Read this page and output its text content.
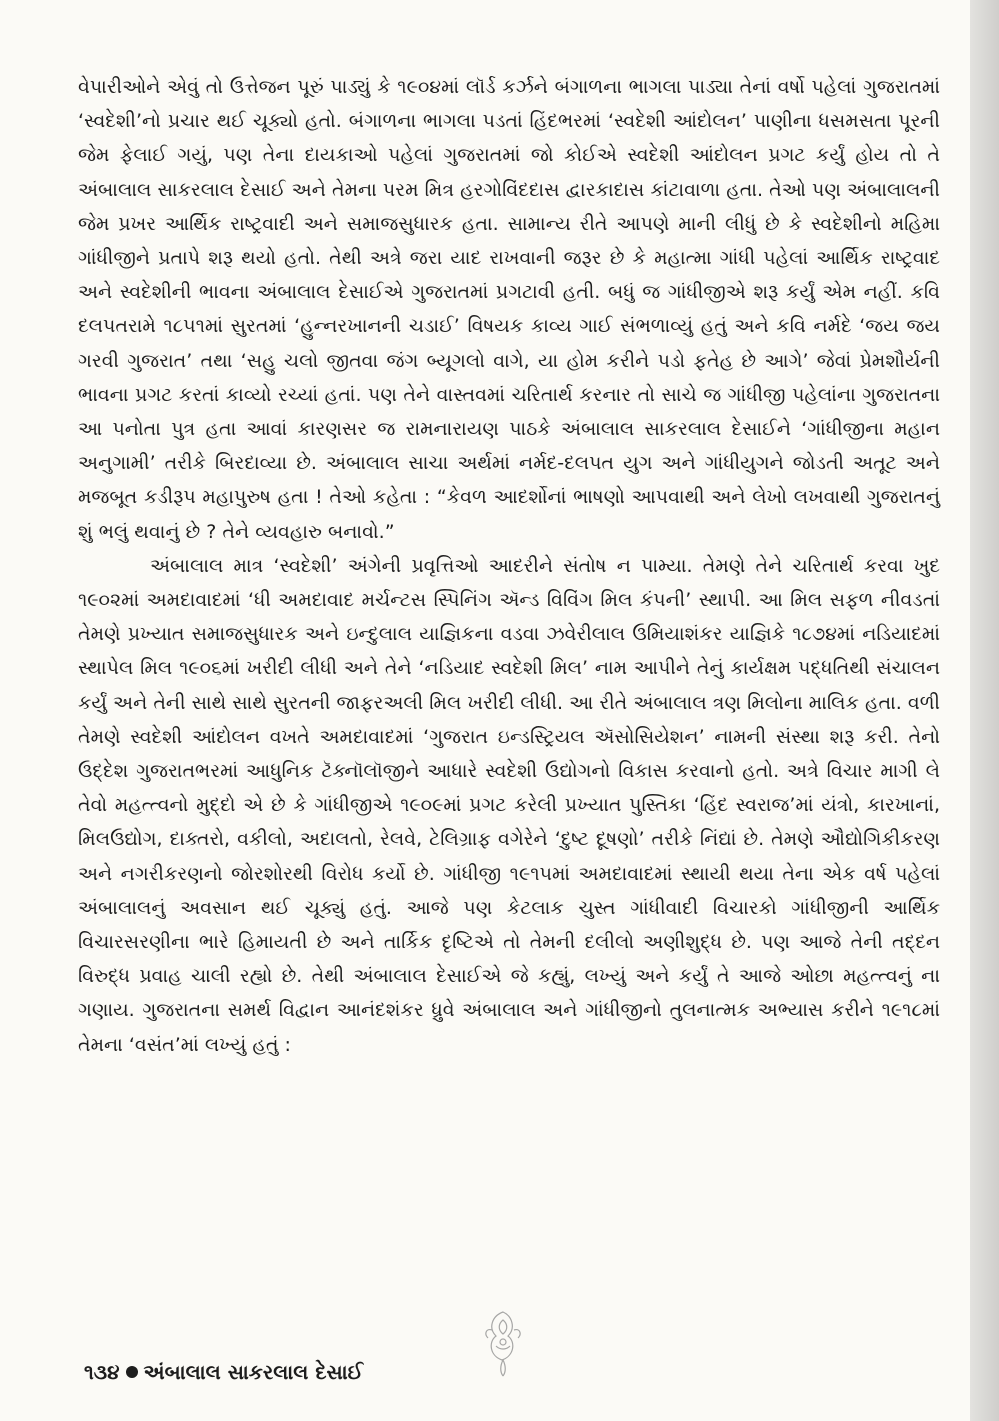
વેપારીઓને એવું તો ઉત્તેજન પૂરું પાડ્યું કે ૧૯૦૪માં લૉર્ડ કર્ઝને બંગાળના ભાગલા પાડ્યા તેનાં વર્ષો પહેલાં ગુજરાતમાં ‘સ્વદેશી’નો પ્રચાર થઈ ચૂક્યો હતો. બંગાળના ભાગલા પડતાં હિંદભરમાં ‘સ્વદેશી આંદોલન’ પાણીના ધસમસતા પૂરની જેમ ફેલાઈ ગયું, પણ તેના દાયકાઓ પહેલાં ગુજરાતમાં જો કોઈએ સ્વદેશી આંદોલન પ્રગટ કર્યું હોય તો તે અંબાલાલ સાકરલાલ દેસાઈ અને તેમના પરમ મિત્ર હરગોવિંદદાસ દ્વારકાદાસ કાંટાવાળા હતા. તેઓ પણ અંબાલાલની જેમ પ્રખર આર્થિક રાષ્ટ્રવાદી અને સમાજસુધારક હતા. સામાન્ય રીતે આપણે માની લીધું છે કે સ્વદેશીનો મહિમા ગાંધીજીને પ્રતાપે શરૂ થયો હતો. તેથી અત્રે જરા યાદ રાખવાની જરૂર છે કે મહાત્મા ગાંધી પહેલાં આર્થિક રાષ્ટ્રવાદ અને સ્વદેશીની ભાવના અંબાલાલ દેસાઈએ ગુજરાતમાં પ્રગટાવી હતી. બધું જ ગાંધીજીએ શરૂ કર્યું એમ નહીં. કવિ દલપતરામે ૧૮૫૧માં સુરતમાં ‘હુન્નરખાનની ચડાઈ’ વિષયક કાવ્ય ગાઈ સંભળાવ્યું હતું અને કવિ નર્મદે ‘જય જય ગરવી ગુજરાત’ તથા ‘સહુ ચલો જીતવા જંગ બ્યૂગલો વાગે, યા હોમ કરીને પડો ફતેહ છે આગે’ જેવાં પ્રેમશૌર્યની ભાવના પ્રગટ કરતાં કાવ્યો રચ્યાં હતાં. પણ તેને વાસ્તવમાં ચરિતાર્થ કરનાર તો સાચે જ ગાંધીજી પહેલાંના ગુજરાતના આ પનોતા પુત્ર હતા આવાં કારણસર જ રામનારાયણ પાઠકે અંબાલાલ સાકરલાલ દેસાઈને ‘ગાંધીજીના મહાન અનુગામી’ તરીકે બિરદાવ્યા છે. અંબાલાલ સાચા અર્થમાં નર્મદ-દલપત યુગ અને ગાંધીયુગને જોડતી અતૂટ અને મજબૂત કડીરૂપ મહાપુરુષ હતા ! તેઓ કહેતા : “કેવળ આદર્શોનાં ભાષણો આપવાથી અને લેખો લખવાથી ગુજરાતનું શું ભલું થવાનું છે ? તેને વ્યવહારુ બનાવો.”

અંબાલાલ માત્ર ‘સ્વદેશી’ અંગેની પ્રવૃત્તિઓ આદરીને સંતોષ ન પામ્યા. તેમણે તેને ચરિતાર્થ કરવા ખુદ ૧૯૦૨માં અમદાવાદમાં ‘ધી અમદાવાદ મર્ચન્ટસ સ્પિનિંગ ઍન્ડ વિવિંગ મિલ કંપની’ સ્થાપી. આ મિલ સફળ નીવડતાં તેમણે પ્રખ્યાત સમાજસુધારક અને ઇન્દુલાલ યાજ્ઞિકના વડવા ઝવેરીલાલ ઉમિયાશંકર યાજ્ઞિકે ૧૮૭૪માં નડિયાદમાં સ્થાપેલ મિલ ૧૯૦૬માં ખરીદી લીધી અને તેને ‘નડિયાદ સ્વદેશી મિલ’ નામ આપીને તેનું કાર્યક્ષમ પદ્ધતિથી સંચાલન કર્યું અને તેની સાથે સાથે સુરતની જાફરઅલી મિલ ખરીદી લીધી. આ રીતે અંબાલાલ ત્રણ મિલોના માલિક હતા. વળી તેમણે સ્વદેશી આંદોલન વખતે અમદાવાદમાં ‘ગુજરાત ઇન્ડસ્ટ્રિયલ ઍસોસિયેશન’ નામની સંસ્થા શરૂ કરી. તેનો ઉદ્દેશ ગુજરાતભરમાં આધુનિક ટૅક્નૉલૉજીને આધારે સ્વદેશી ઉદ્યોગનો વિકાસ કરવાનો હતો. અત્રે વિચાર માગી લે તેવો મહત્ત્વનો મુદ્દો એ છે કે ગાંધીજીએ ૧૯૦૯માં પ્રગટ કરેલી પ્રખ્યાત પુસ્તિકા ‘હિંદ સ્વરાજ’માં યંત્રો, કારખાનાં, મિલઉદ્યોગ, દાક્તરો, વકીલો, અદાલતો, રેલવે, ટેલિગ્રાફ વગેરેને ‘દુષ્ટ દૂષણો’ તરીકે નિંદ્યાં છે. તેમણે ઔદ્યોગિકીકરણ અને નગરીકરણનો જોરશોરથી વિરોધ કર્યો છે. ગાંધીજી ૧૯૧૫માં અમદાવાદમાં સ્થાયી થયા તેના એક વર્ષ પહેલાં અંબાલાલનું અવસાન થઈ ચૂક્યું હતું. આજે પણ કેટલાક ચુસ્ત ગાંધીવાદી વિચારકો ગાંધીજીની આર્થિક વિચારસરણીના ભારે હિમાયતી છે અને તાર્કિક દૃષ્ટિએ તો તેમની દલીલો અણીશુદ્ધ છે. પણ આજે તેની તદ્દન વિરુદ્ધ પ્રવાહ ચાલી રહ્યો છે. તેથી અંબાલાલ દેસાઈએ જે કહ્યું, લખ્યું અને કર્યું તે આજે ઓછા મહત્ત્વનું ના ગણાય. ગુજરાતના સમર્થ વિદ્વાન આનંદશંકર ધ્રુવે અંબાલાલ અને ગાંધીજીનો તુલનાત્મક અભ્યાસ કરીને ૧૯૧૮માં તેમના ‘વસંત’માં લખ્યું હતું :

૧૩૪ અંબાલાલ સાકરલાલ દેસાઈ
